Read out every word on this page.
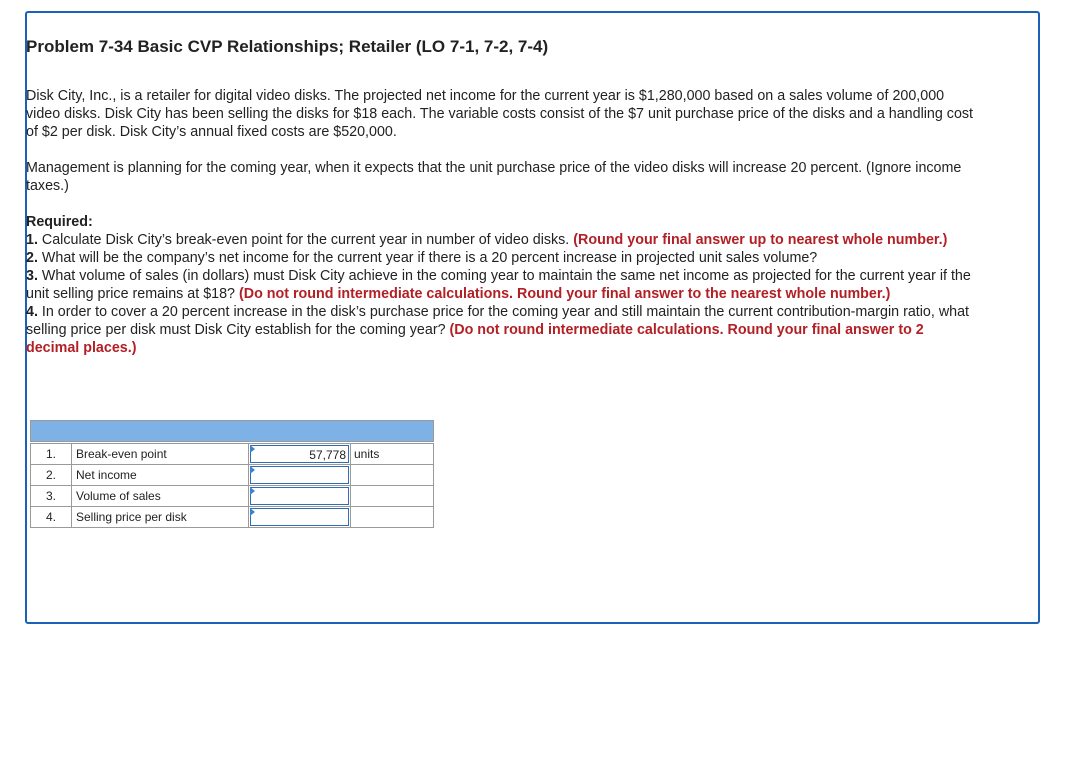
Problem 7-34 Basic CVP Relationships; Retailer (LO 7-1, 7-2, 7-4)
Disk City, Inc., is a retailer for digital video disks. The projected net income for the current year is $1,280,000 based on a sales volume of 200,000 video disks. Disk City has been selling the disks for $18 each. The variable costs consist of the $7 unit purchase price of the disks and a handling cost of $2 per disk. Disk City’s annual fixed costs are $520,000.
Management is planning for the coming year, when it expects that the unit purchase price of the video disks will increase 20 percent. (Ignore income taxes.)
Required:
1. Calculate Disk City’s break-even point for the current year in number of video disks. (Round your final answer up to nearest whole number.)
2. What will be the company’s net income for the current year if there is a 20 percent increase in projected unit sales volume?
3. What volume of sales (in dollars) must Disk City achieve in the coming year to maintain the same net income as projected for the current year if the unit selling price remains at $18? (Do not round intermediate calculations. Round your final answer to the nearest whole number.)
4. In order to cover a 20 percent increase in the disk’s purchase price for the coming year and still maintain the current contribution-margin ratio, what selling price per disk must Disk City establish for the coming year? (Do not round intermediate calculations. Round your final answer to 2 decimal places.)

1.	Break-even point	57,778	units
2.	Net income	

3.	Volume of sales	

4.	Selling price per disk	
